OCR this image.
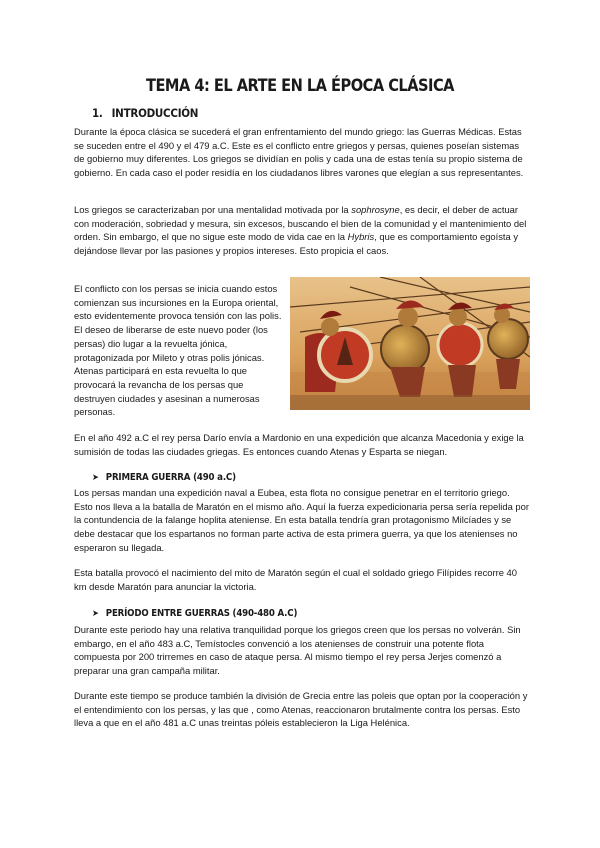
TEMA 4: EL ARTE EN LA ÉPOCA CLÁSICA
1. INTRODUCCIÓN

Durante la época clásica se sucederá el gran enfrentamiento del mundo griego: las Guerras Médicas. Estas se suceden entre el 490 y el 479 a.C. Este es el conflicto entre griegos y persas, quienes poseían sistemas de gobierno muy diferentes. Los griegos se dividían en polis y cada una de estas tenía su propio sistema de gobierno. En cada caso el poder residía en los ciudadanos libres varones que elegían a sus representantes.

Los griegos se caracterizaban por una mentalidad motivada por la sophrosyne, es decir, el deber de actuar con moderación, sobriedad y mesura, sin excesos, buscando el bien de la comunidad y el mantenimiento del orden. Sin embargo, el que no sigue este modo de vida cae en la Hybris, que es comportamiento egoísta y dejándose llevar por las pasiones y propios intereses. Esto propicia el caos.

El conflicto con los persas se inicia cuando estos comienzan sus incursiones en la Europa oriental, esto evidentemente provoca tensión con las polis. El deseo de liberarse de este nuevo poder (los persas) dio lugar a la revuelta jónica, protagonizada por Mileto y otras polis jónicas. Atenas participará en esta revuelta lo que provocará la revancha de los persas que destruyen ciudades y asesinan a numerosas personas.

En el año 492 a.C el rey persa Darío envía a Mardonio en una expedición que alcanza Macedonia y exige la sumisión de todas las ciudades griegas. Es entonces cuando Atenas y Esparta se niegan.

➤ PRIMERA GUERRA (490 a.C)

Los persas mandan una expedición naval a Eubea, esta flota no consigue penetrar en el territorio griego. Esto nos lleva a la batalla de Maratón en el mismo año. Aquí la fuerza expedicionaria persa sería repelida por la contundencia de la falange hoplita ateniense. En esta batalla tendría gran protagonismo Milcíades y se debe destacar que los espartanos no forman parte activa de esta primera guerra, ya que los atenienses no esperaron su llegada.

Esta batalla provocó el nacimiento del mito de Maratón según el cual el soldado griego Filípides recorre 40 km desde Maratón para anunciar la victoria.

➤ PERÍODO ENTRE GUERRAS (490-480 A.C)

Durante este periodo hay una relativa tranquilidad porque los griegos creen que los persas no volverán. Sin embargo, en el año 483 a.C, Temístocles convenció a los atenienses de construir una potente flota compuesta por 200 trirremes en caso de ataque persa. Al mismo tiempo el rey persa Jerjes comenzó a preparar una gran campaña militar.

Durante este tiempo se produce también la división de Grecia entre las poleis que optan por la cooperación y el entendimiento con los persas, y las que , como Atenas, reaccionaron brutalmente contra los persas. Esto lleva a que en el año 481 a.C unas treintas póleis establecieron la Liga Helénica.
